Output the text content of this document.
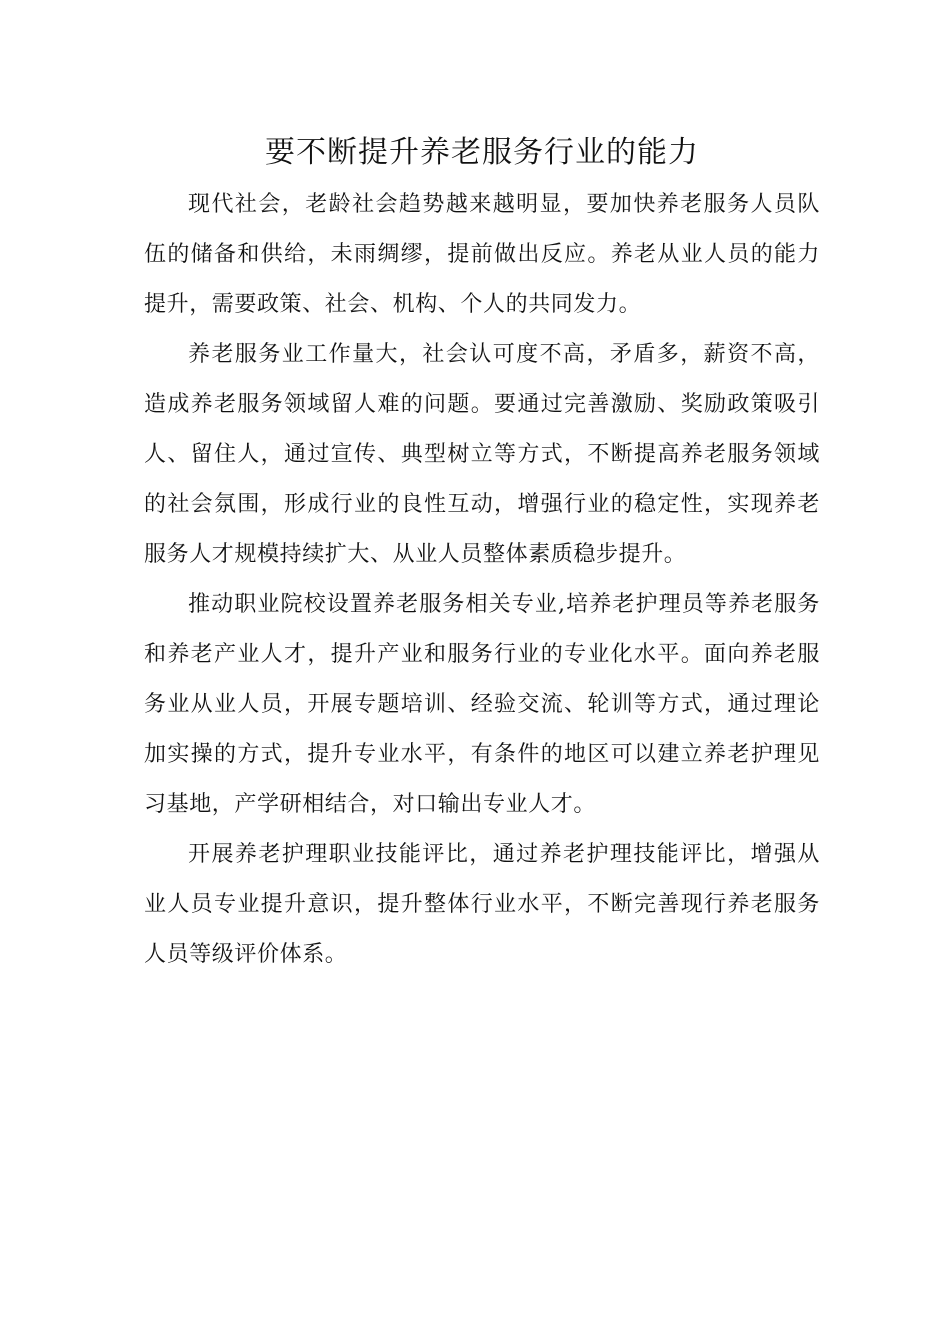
要不断提升养老服务行业的能力

现代社会，老龄社会趋势越来越明显，要加快养老服务人员队伍的储备和供给，未雨绸缪，提前做出反应。养老从业人员的能力提升，需要政策、社会、机构、个人的共同发力。

养老服务业工作量大，社会认可度不高，矛盾多，薪资不高，造成养老服务领域留人难的问题。要通过完善激励、奖励政策吸引人、留住人，通过宣传、典型树立等方式，不断提高养老服务领域的社会氛围，形成行业的良性互动，增强行业的稳定性，实现养老服务人才规模持续扩大、从业人员整体素质稳步提升。

推动职业院校设置养老服务相关专业,培养老护理员等养老服务和养老产业人才，提升产业和服务行业的专业化水平。面向养老服务业从业人员，开展专题培训、经验交流、轮训等方式，通过理论加实操的方式，提升专业水平，有条件的地区可以建立养老护理见习基地，产学研相结合，对口输出专业人才。

开展养老护理职业技能评比，通过养老护理技能评比，增强从业人员专业提升意识，提升整体行业水平，不断完善现行养老服务人员等级评价体系。
